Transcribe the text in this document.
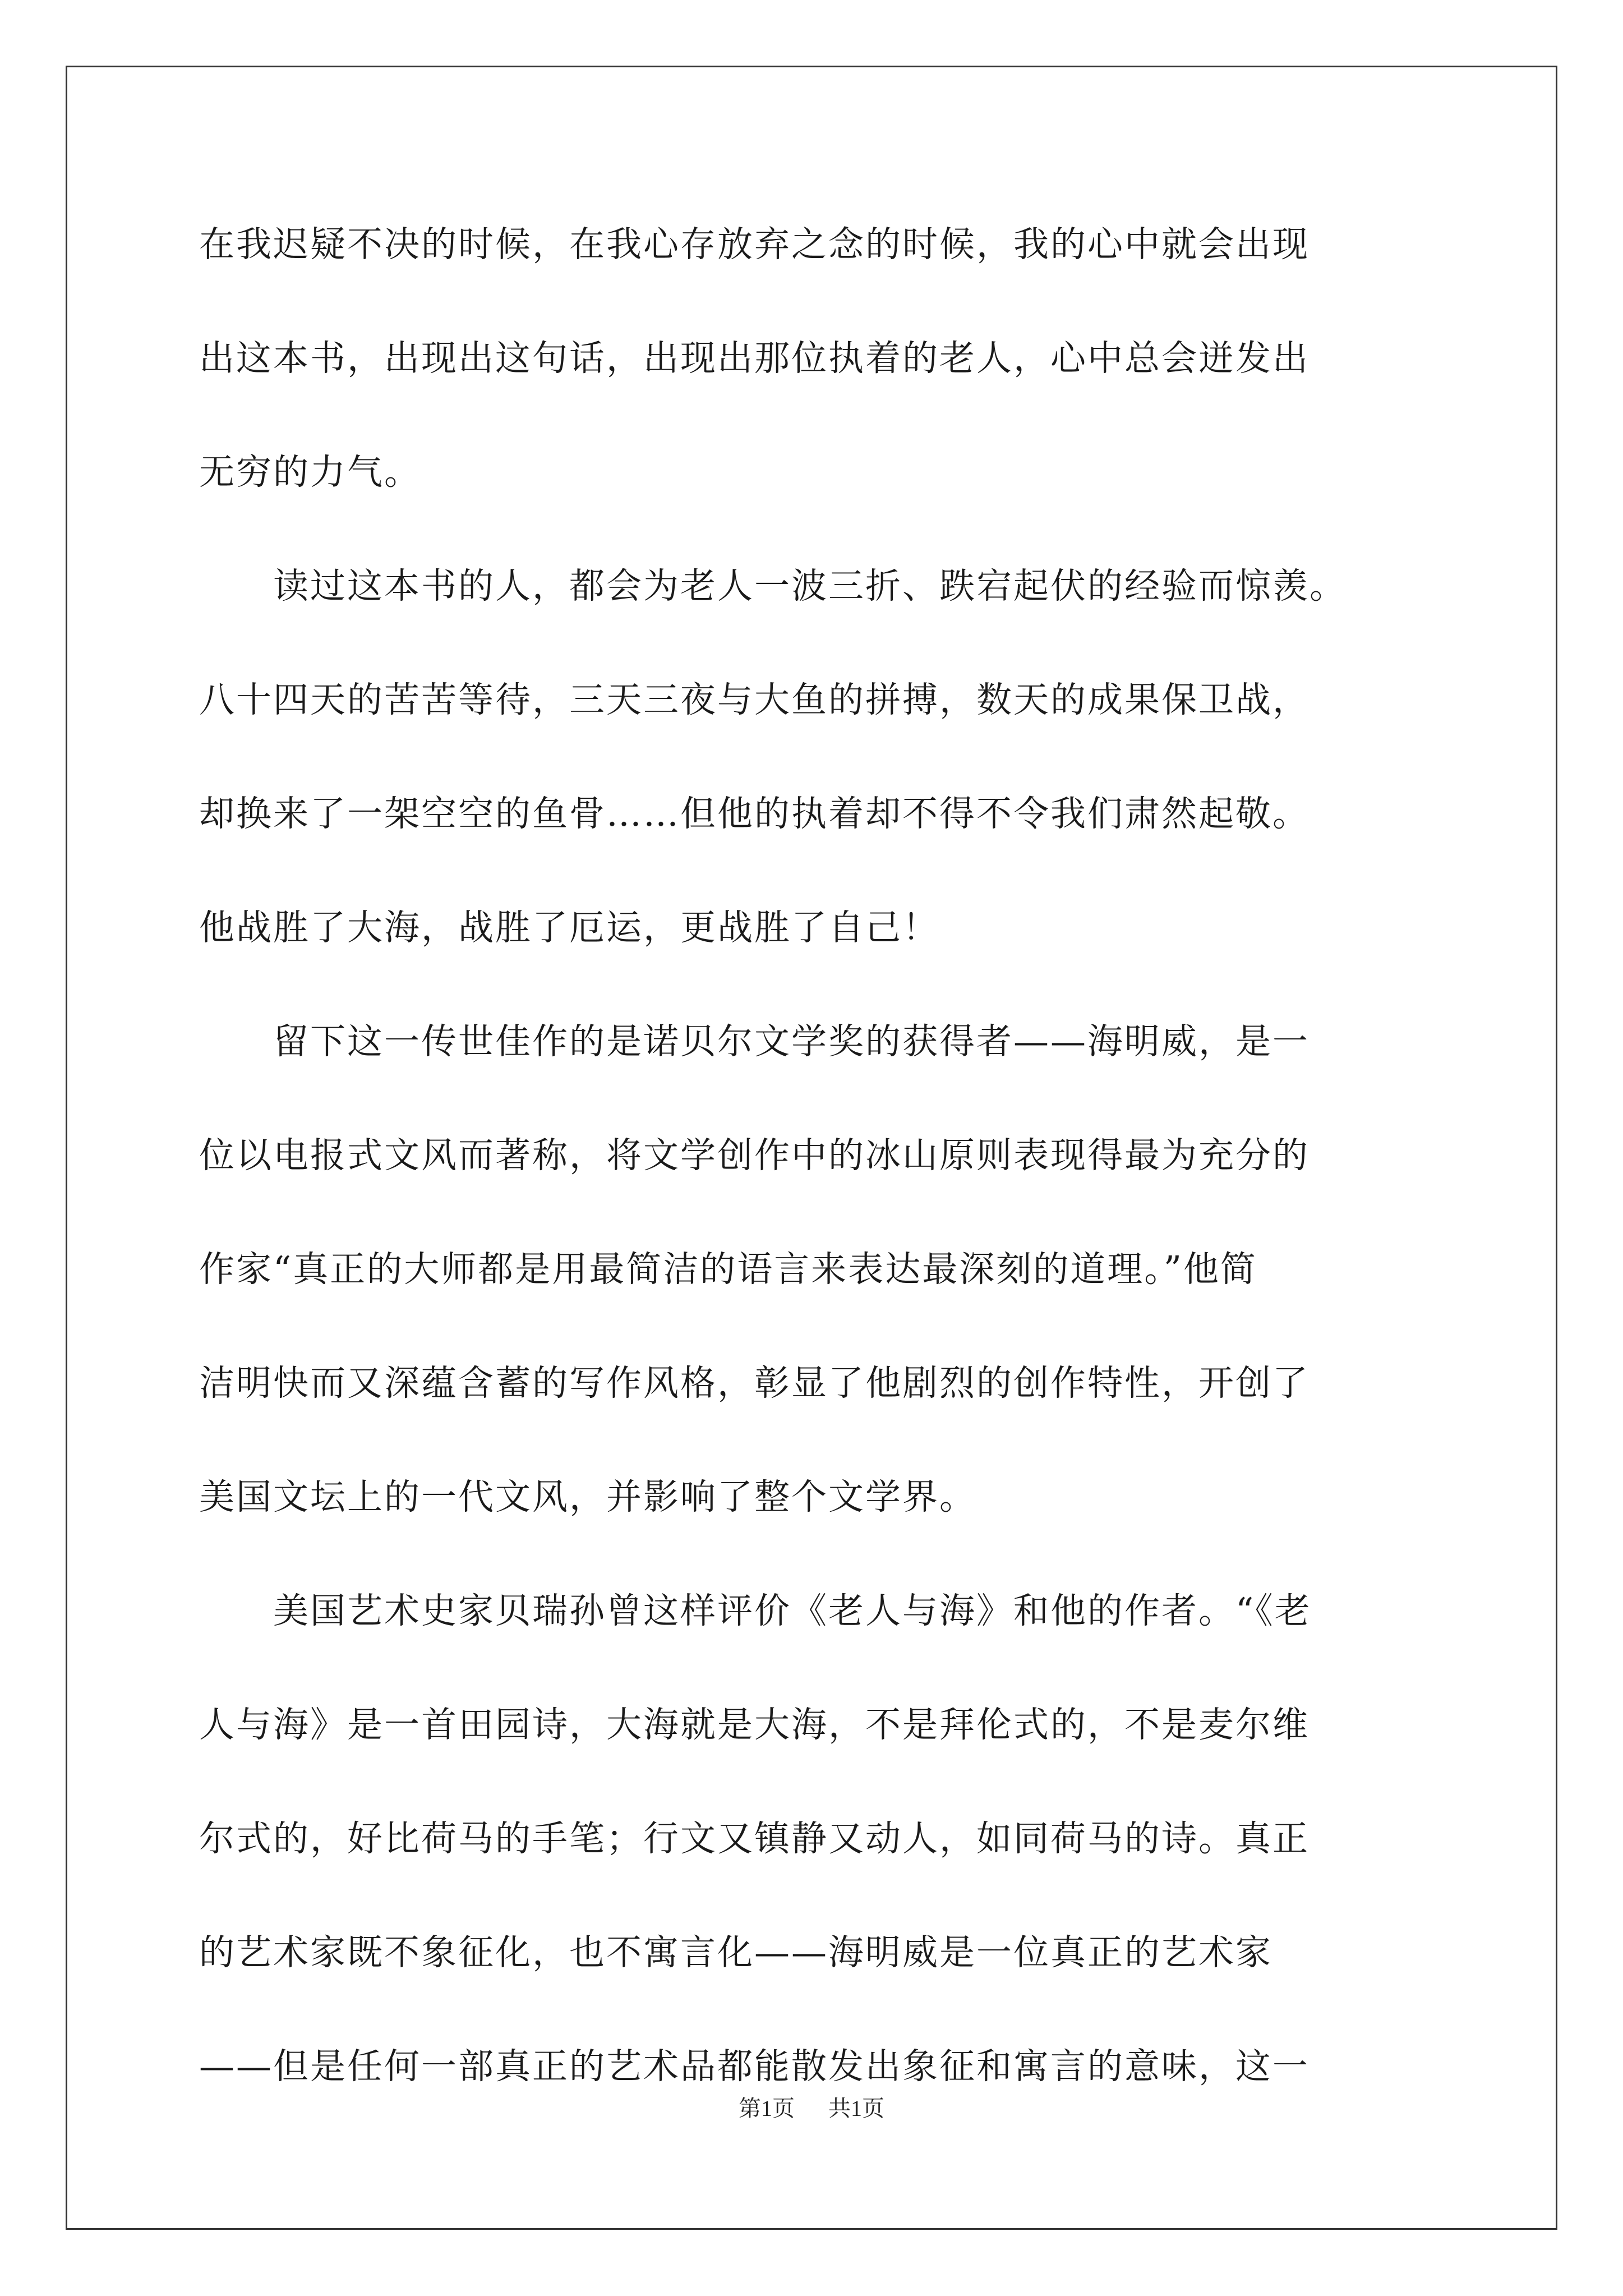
在我迟疑不决的时候，在我心存放弃之念的时候，我的心中就会出现
出这本书，出现出这句话，出现出那位执着的老人，心中总会迸发出
无穷的力气。
　　读过这本书的人，都会为老人一波三折、跌宕起伏的经验而惊羡。
八十四天的苦苦等待，三天三夜与大鱼的拼搏，数天的成果保卫战，
却换来了一架空空的鱼骨……但他的执着却不得不令我们肃然起敬。
他战胜了大海，战胜了厄运，更战胜了自己！
　　留下这一传世佳作的是诺贝尔文学奖的获得者——海明威，是一
位以电报式文风而著称，将文学创作中的冰山原则表现得最为充分的
作家“真正的大师都是用最简洁的语言来表达最深刻的道理。”他简
洁明快而又深蕴含蓄的写作风格，彰显了他剧烈的创作特性，开创了
美国文坛上的一代文风，并影响了整个文学界。
　　美国艺术史家贝瑞孙曾这样评价《老人与海》和他的作者。“《老
人与海》是一首田园诗，大海就是大海，不是拜伦式的，不是麦尔维
尔式的，好比荷马的手笔；行文又镇静又动人，如同荷马的诗。真正
的艺术家既不象征化，也不寓言化——海明威是一位真正的艺术家
——但是任何一部真正的艺术品都能散发出象征和寓言的意味，这一
第1页 共1页
